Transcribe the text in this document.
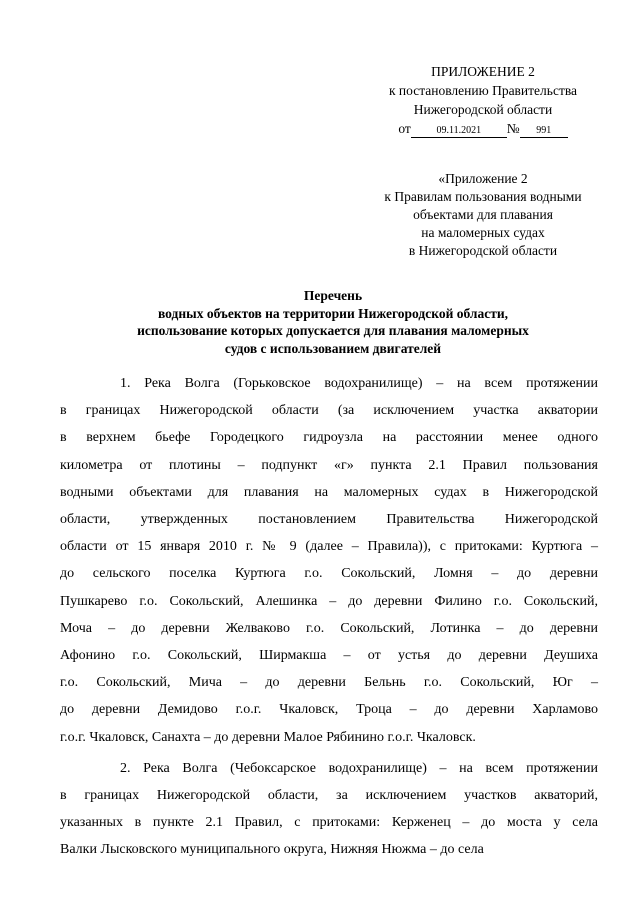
ПРИЛОЖЕНИЕ 2
к постановлению Правительства
Нижегородской области
от	09.11.2021 № 991
«Приложение 2
к Правилам пользования водными
объектами для плавания
на маломерных судах
в Нижегородской области
Перечень
водных объектов на территории Нижегородской области,
использование которых допускается для плавания маломерных
судов с использованием двигателей
1. Река Волга (Горьковское водохранилище) – на всем протяжении
в границах Нижегородской области (за исключением участка акватории
в верхнем бьефе Городецкого гидроузла на расстоянии менее одного
километра от плотины – подпункт «г» пункта 2.1 Правил пользования
водными объектами для плавания на маломерных судах в Нижегородской
области, утвержденных постановлением Правительства Нижегородской
области от 15 января 2010 г. № 9 (далее – Правила)), с притоками: Куртюга –
до сельского поселка Куртюга г.о. Сокольский, Ломня – до деревни
Пушкарево г.о. Сокольский, Алешинка – до деревни Филино г.о. Сокольский,
Моча – до деревни Желваково г.о. Сокольский, Лотинка – до деревни
Афонино г.о. Сокольский, Ширмакша – от устья до деревни Деушиха
г.о. Сокольский, Мича – до деревни Бельнь г.о. Сокольский, Юг –
до деревни Демидово г.о.г. Чкаловск, Троца – до деревни Харламово
г.о.г. Чкаловск, Санахта – до деревни Малое Рябинино г.о.г. Чкаловск.
2. Река Волга (Чебоксарское водохранилище) – на всем протяжении
в границах Нижегородской области, за исключением участков акваторий,
указанных в пункте 2.1 Правил, с притоками: Керженец – до моста у села
Валки Лысковского муниципального округа, Нижняя Нюжма – до села
